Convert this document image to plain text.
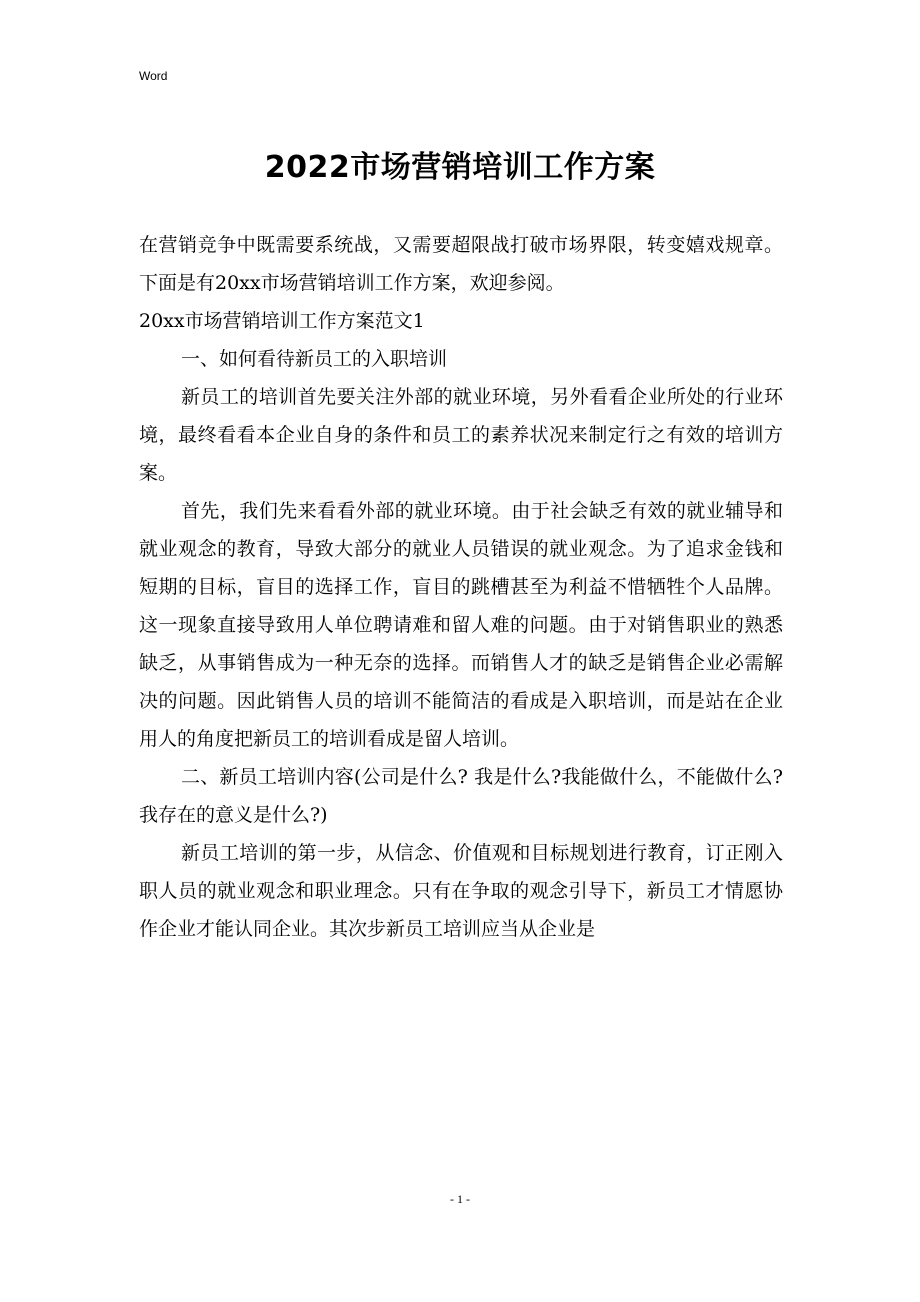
Word
2022市场营销培训工作方案

在营销竞争中既需要系统战，又需要超限战打破市场界限，转变嬉戏规章。下面是有20xx市场营销培训工作方案，欢迎参阅。

20xx市场营销培训工作方案范文1

一、如何看待新员工的入职培训

新员工的培训首先要关注外部的就业环境，另外看看企业所处的行业环境，最终看看本企业自身的条件和员工的素养状况来制定行之有效的培训方案。

首先，我们先来看看外部的就业环境。由于社会缺乏有效的就业辅导和就业观念的教育，导致大部分的就业人员错误的就业观念。为了追求金钱和短期的目标，盲目的选择工作，盲目的跳槽甚至为利益不惜牺牲个人品牌。这一现象直接导致用人单位聘请难和留人难的问题。由于对销售职业的熟悉缺乏，从事销售成为一种无奈的选择。而销售人才的缺乏是销售企业必需解决的问题。因此销售人员的培训不能简洁的看成是入职培训，而是站在企业用人的角度把新员工的培训看成是留人培训。

二、新员工培训内容(公司是什么? 我是什么?我能做什么，不能做什么?我存在的意义是什么?)

新员工培训的第一步，从信念、价值观和目标规划进行教育，订正刚入职人员的就业观念和职业理念。只有在争取的观念引导下，新员工才情愿协作企业才能认同企业。其次步新员工培训应当从企业是

- 1 -
